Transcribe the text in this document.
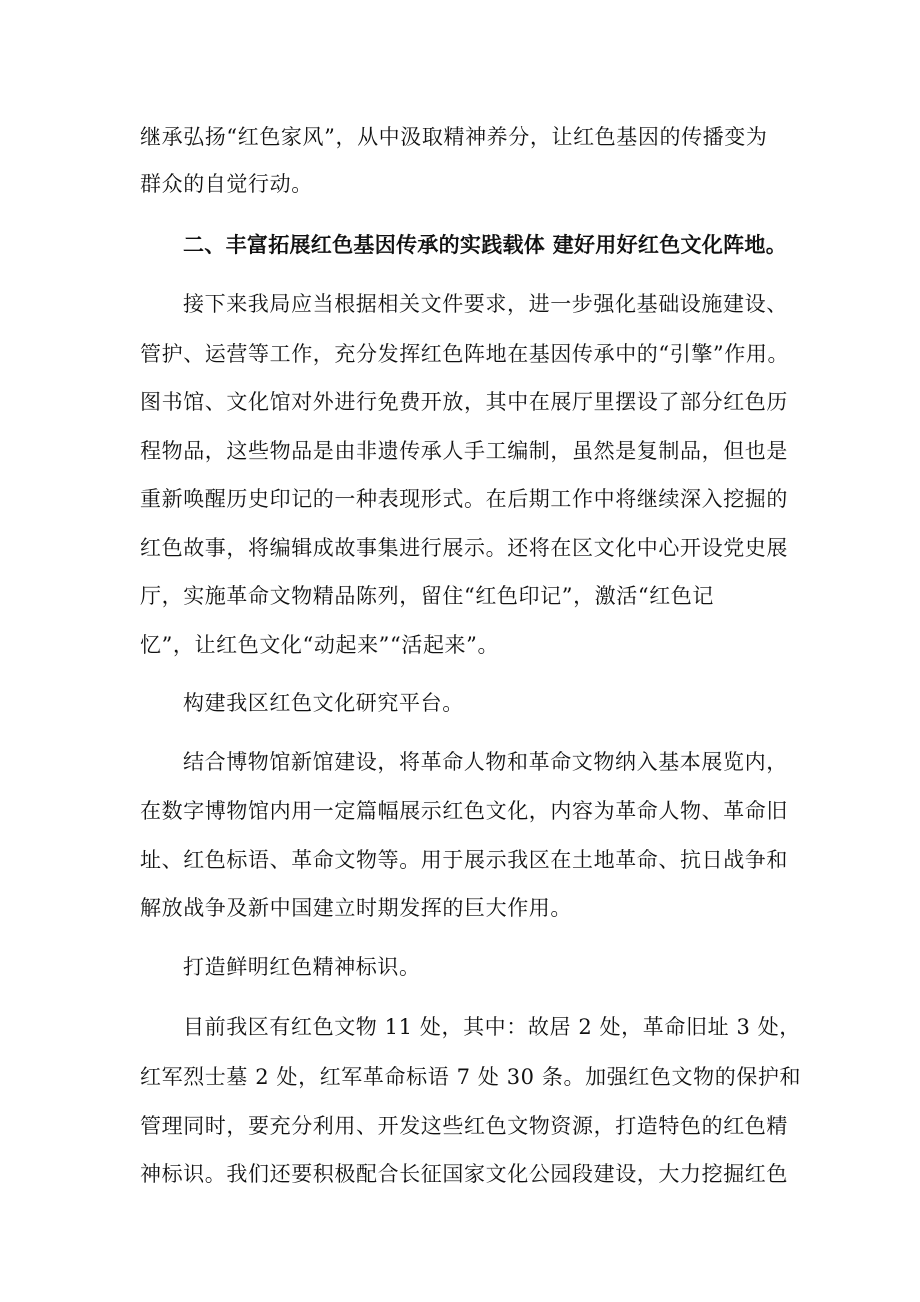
继承弘扬“红色家风”，从中汲取精神养分，让红色基因的传播变为
群众的自觉行动。
二、丰富拓展红色基因传承的实践载体 建好用好红色文化阵地。
接下来我局应当根据相关文件要求，进一步强化基础设施建设、
管护、运营等工作，充分发挥红色阵地在基因传承中的“引擎”作用。
图书馆、文化馆对外进行免费开放，其中在展厅里摆设了部分红色历
程物品，这些物品是由非遗传承人手工编制，虽然是复制品，但也是
重新唤醒历史印记的一种表现形式。在后期工作中将继续深入挖掘的
红色故事，将编辑成故事集进行展示。还将在区文化中心开设党史展
厅，实施革命文物精品陈列，留住“红色印记”，激活“红色记
忆”，让红色文化“动起来”“活起来”。
构建我区红色文化研究平台。
结合博物馆新馆建设，将革命人物和革命文物纳入基本展览内，
在数字博物馆内用一定篇幅展示红色文化，内容为革命人物、革命旧
址、红色标语、革命文物等。用于展示我区在土地革命、抗日战争和
解放战争及新中国建立时期发挥的巨大作用。
打造鲜明红色精神标识。
目前我区有红色文物 11 处，其中：故居 2 处，革命旧址 3 处，
红军烈士墓 2 处，红军革命标语 7 处 30 条。加强红色文物的保护和
管理同时，要充分利用、开发这些红色文物资源，打造特色的红色精
神标识。我们还要积极配合长征国家文化公园段建设，大力挖掘红色
